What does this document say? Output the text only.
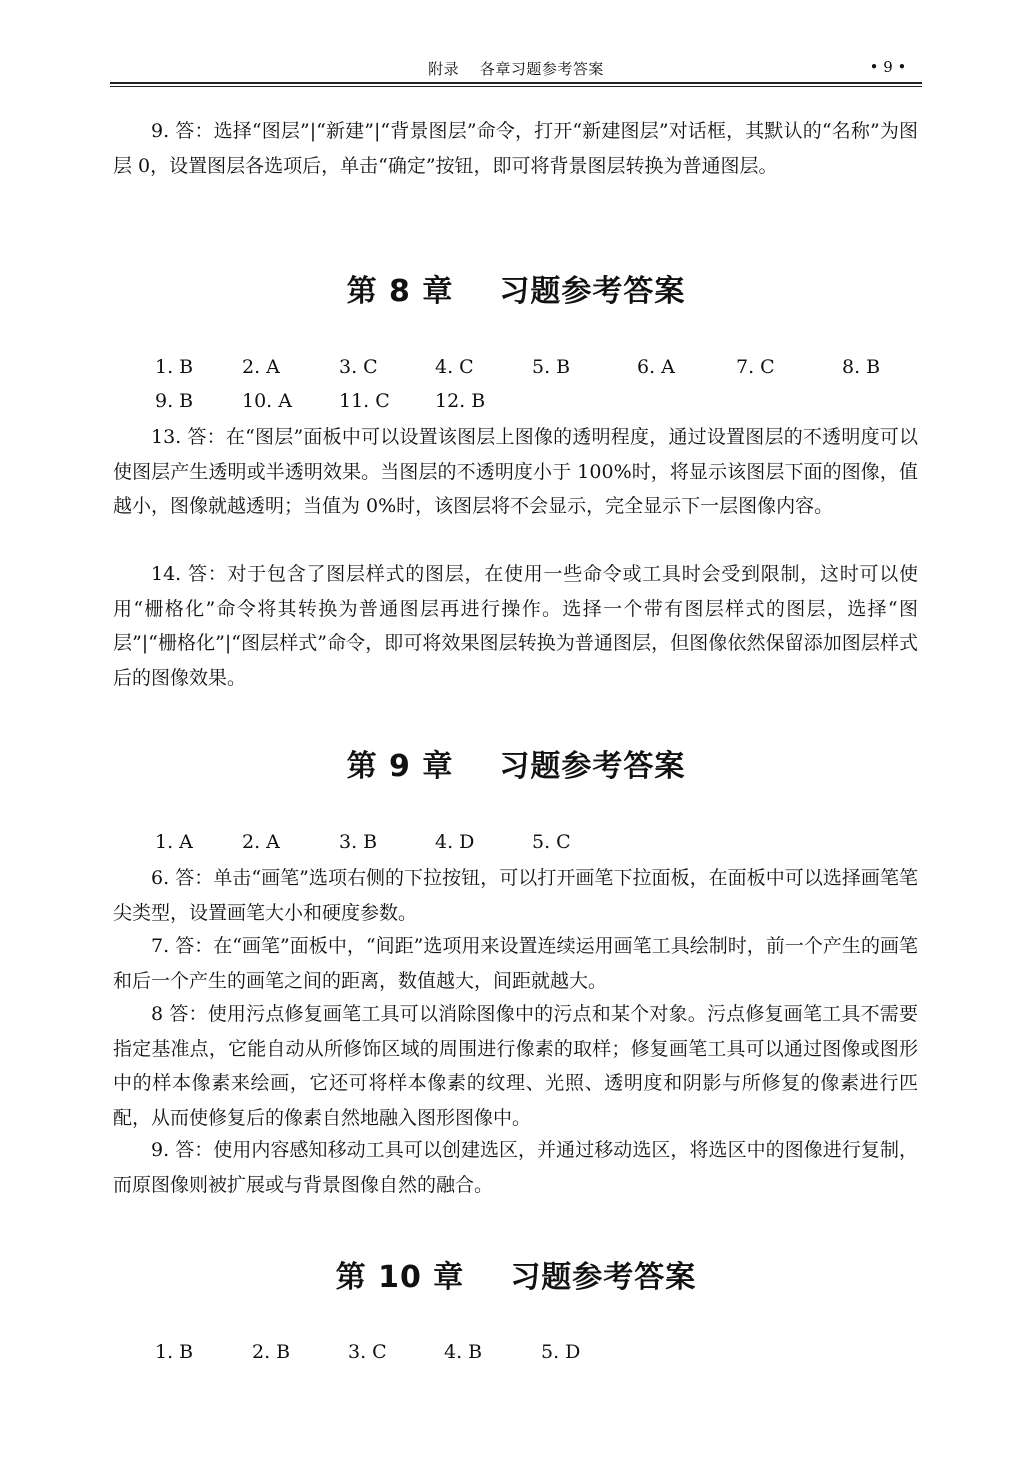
附录　 各章习题参考答案	• 9 •

9. 答：选择“图层”|“新建”|“背景图层”命令，打开“新建图层”对话框，其默认的“名称”为图层 0，设置图层各选项后，单击“确定”按钮，即可将背景图层转换为普通图层。

第 8 章 习题参考答案
1. B	2. A	3. C	4. C	5. B	6. A	7. C	8. B
9. B	10. A 11. C 12. B

13. 答：在“图层”面板中可以设置该图层上图像的透明程度，通过设置图层的不透明度可以使图层产生透明或半透明效果。当图层的不透明度小于 100%时，将显示该图层下面的图像，值越小，图像就越透明；当值为 0%时，该图层将不会显示，完全显示下一层图像内容。

14. 答：对于包含了图层样式的图层，在使用一些命令或工具时会受到限制，这时可以使用“栅格化”命令将其转换为普通图层再进行操作。选择一个带有图层样式的图层，选择“图层”|“栅格化”|“图层样式”命令，即可将效果图层转换为普通图层，但图像依然保留添加图层样式后的图像效果。

第 9 章 习题参考答案
1. A	2. A	3. B	4. D	5. C

6. 答：单击“画笔”选项右侧的下拉按钮，可以打开画笔下拉面板，在面板中可以选择画笔笔尖类型，设置画笔大小和硬度参数。

7. 答：在“画笔”面板中，“间距”选项用来设置连续运用画笔工具绘制时，前一个产生的画笔和后一个产生的画笔之间的距离，数值越大，间距就越大。

8 答：使用污点修复画笔工具可以消除图像中的污点和某个对象。污点修复画笔工具不需要指定基准点，它能自动从所修饰区域的周围进行像素的取样；修复画笔工具可以通过图像或图形中的样本像素来绘画，它还可将样本像素的纹理、光照、透明度和阴影与所修复的像素进行匹配，从而使修复后的像素自然地融入图形图像中。

9. 答：使用内容感知移动工具可以创建选区，并通过移动选区，将选区中的图像进行复制，而原图像则被扩展或与背景图像自然的融合。

第 10 章 习题参考答案
1. B	2. B	3. C	4. B	5. D
